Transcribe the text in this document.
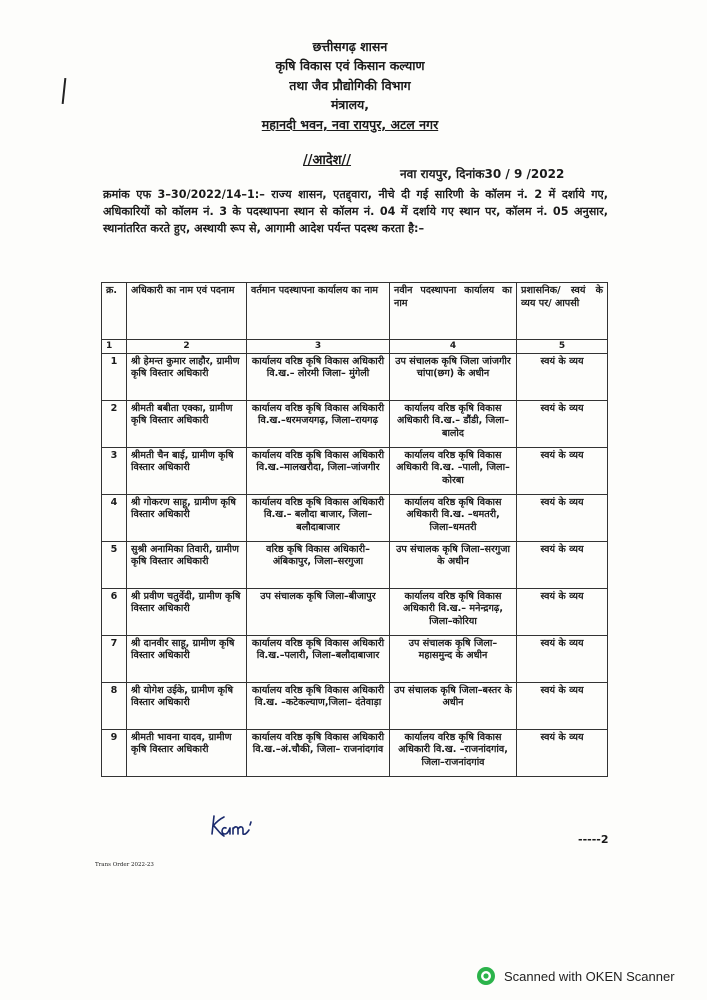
छत्तीसगढ़ शासन
कृषि विकास एवं किसान कल्याण
तथा जैव प्रौद्योगिकी विभाग
मंत्रालय,
महानदी भवन, नवा रायपुर, अटल नगर
//आदेश//
नवा रायपुर, दिनांक30 / 9 /2022
क्रमांक एफ 3–30/2022/14–1:– राज्य शासन, एतद्द्वारा, नीचे दी गई सारिणी के कॉलम नं. 2 में दर्शाये गए, अधिकारियों को कॉलम नं. 3 के पदस्थापना स्थान से कॉलम नं. 04 में दर्शाये गए स्थान पर, कॉलम नं. 05 अनुसार, स्थानांतरित करते हुए, अस्थायी रूप से, आगामी आदेश पर्यन्त पदस्थ करता है:–
क्र.	अधिकारी का नाम एवं पदनाम	वर्तमान पदस्थापना कार्यालय का नाम	नवीन पदस्थापना कार्यालय का नाम	प्रशासनिक/ स्वयं के व्यय पर/ आपसी
1	2	3	4	5
1	श्री हेमन्त कुमार लाहौर, ग्रामीण कृषि विस्तार अधिकारी	कार्यालय वरिष्ठ कृषि विकास अधिकारी वि.ख.– लोरमी जिला– मुंगेली	उप संचालक कृषि जिला जांजगीर चांपा(छग) के अधीन	स्वयं के व्यय
2	श्रीमती बबीता एक्का, ग्रामीण कृषि विस्तार अधिकारी	कार्यालय वरिष्ठ कृषि विकास अधिकारी वि.ख.–धरमजयगढ़, जिला–रायगढ़	कार्यालय वरिष्ठ कृषि विकास अधिकारी वि.ख.– डौंडी, जिला– बालोद	स्वयं के व्यय
3	श्रीमती चैन बाई, ग्रामीण कृषि विस्तार अधिकारी	कार्यालय वरिष्ठ कृषि विकास अधिकारी वि.ख.–मालखरौदा, जिला–जांजगीर	कार्यालय वरिष्ठ कृषि विकास अधिकारी वि.ख. –पाली, जिला–कोरबा	स्वयं के व्यय
4	श्री गोकरण साहू, ग्रामीण कृषि विस्तार अधिकारी	कार्यालय वरिष्ठ कृषि विकास अधिकारी वि.ख.– बलौदा बाजार, जिला–बलौदाबाजार	कार्यालय वरिष्ठ कृषि विकास अधिकारी वि.ख. –धमतरी, जिला–धमतरी	स्वयं के व्यय
5	सुश्री अनामिका तिवारी, ग्रामीण कृषि विस्तार अधिकारी	वरिष्ठ कृषि विकास अधिकारी–अंबिकापुर, जिला–सरगुजा	उप संचालक कृषि जिला–सरगुजा के अधीन	स्वयं के व्यय
6	श्री प्रवीण चतुर्वेदी, ग्रामीण कृषि विस्तार अधिकारी	उप संचालक कृषि जिला–बीजापुर	कार्यालय वरिष्ठ कृषि विकास अधिकारी वि.ख.– मनेन्द्रगढ़, जिला–कोरिया	स्वयं के व्यय
7	श्री दानवीर साहू, ग्रामीण कृषि विस्तार अधिकारी	कार्यालय वरिष्ठ कृषि विकास अधिकारी वि.ख.–पलारी, जिला–बलौदाबाजार	उप संचालक कृषि जिला– महासमुन्द के अधीन	स्वयं के व्यय
8	श्री योगेश उईके, ग्रामीण कृषि विस्तार अधिकारी	कार्यालय वरिष्ठ कृषि विकास अधिकारी वि.ख. –कटेकल्याण,जिला– दंतेवाड़ा	उप संचालक कृषि जिला–बस्तर के अधीन	स्वयं के व्यय
9	श्रीमती भावना यादव, ग्रामीण कृषि विस्तार अधिकारी	कार्यालय वरिष्ठ कृषि विकास अधिकारी वि.ख.–अं.चौकी, जिला– राजनांदगांव	कार्यालय वरिष्ठ कृषि विकास अधिकारी वि.ख. –राजनांदगांव, जिला–राजनांदगांव	स्वयं के व्यय
-----2
Trans Order 2022-23
Scanned with OKEN Scanner
